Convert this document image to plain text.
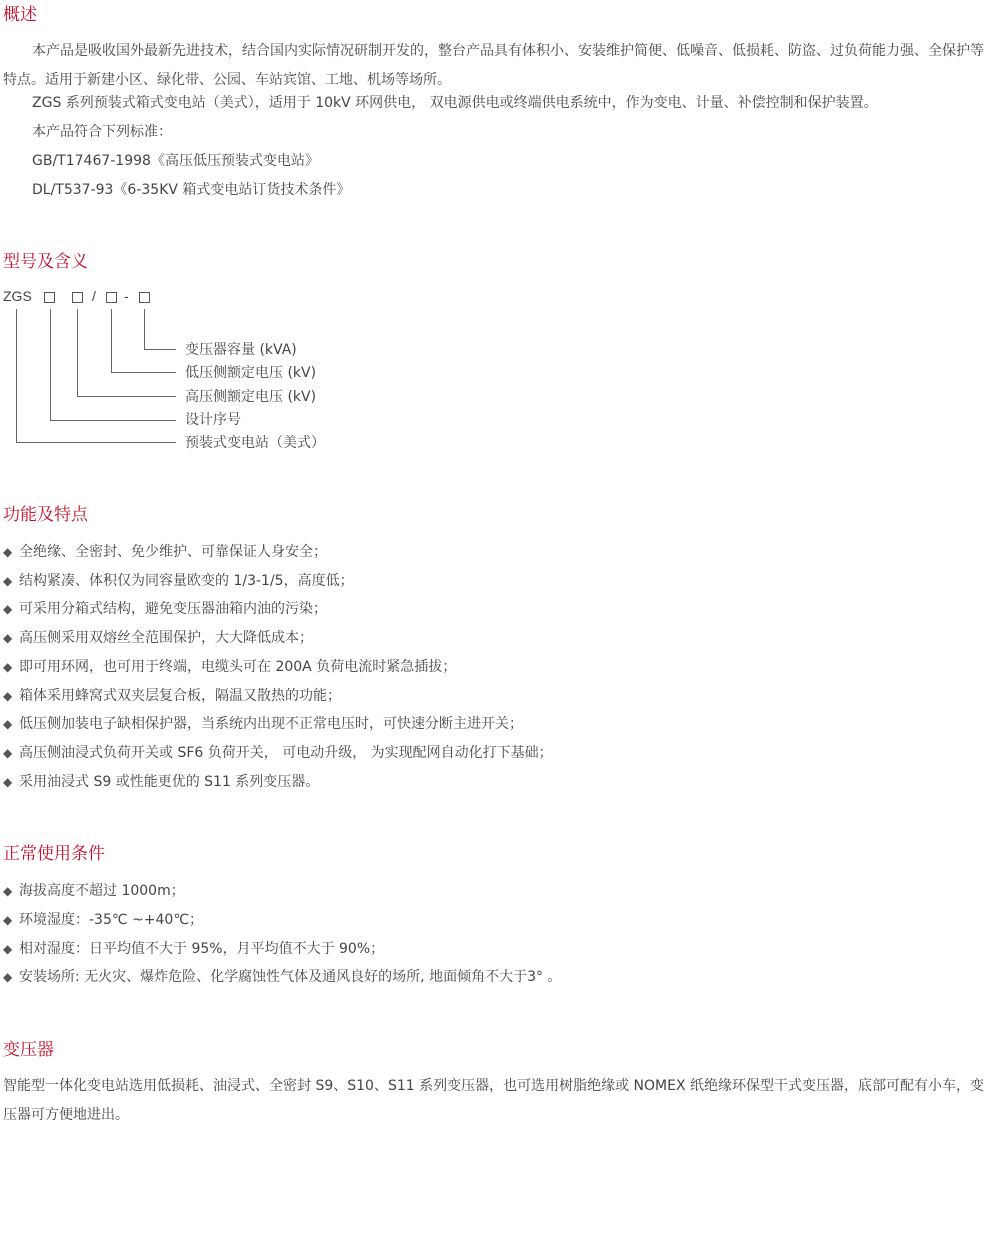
概述

本产品是吸收国外最新先进技术，结合国内实际情况研制开发的，整台产品具有体积小、安装维护简便、低噪音、低损耗、防盗、过负荷能力强、全保护等特点。适用于新建小区、绿化带、公园、车站宾馆、工地、机场等场所。

ZGS 系列预装式箱式变电站（美式），适用于 10kV 环网供电， 双电源供电或终端供电系统中，作为变电、计量、补偿控制和保护装置。

本产品符合下列标准：

GB/T17467-1998《高压低压预装式变电站》

DL/T537-93《6-35KV 箱式变电站订货技术条件》

型号及含义
ZGS	/ -
变压器容量 (kVA)
低压侧额定电压 (kV)
高压侧额定电压 (kV)
设计序号
预装式变电站（美式）
功能及特点

◆ 全绝缘、全密封、免少维护、可靠保证人身安全；

◆ 结构紧凑、体积仅为同容量欧变的 1/3-1/5，高度低；

◆ 可采用分箱式结构，避免变压器油箱内油的污染；

◆ 高压侧采用双熔丝全范围保护，大大降低成本；

◆ 即可用环网，也可用于终端，电缆头可在 200A 负荷电流时紧急插拔；

◆ 箱体采用蜂窝式双夹层复合板，隔温又散热的功能；

◆ 低压侧加装电子缺相保护器，当系统内出现不正常电压时，可快速分断主进开关；

◆ 高压侧油浸式负荷开关或 SF6 负荷开关， 可电动升级， 为实现配网自动化打下基础；

◆ 采用油浸式 S9 或性能更优的 S11 系列变压器。

正常使用条件

◆ 海拔高度不超过 1000m；

◆ 环境湿度：-35℃ ~+40℃；

◆ 相对湿度：日平均值不大于 95%，月平均值不大于 90%；

◆ 安装场所: 无火灾、爆炸危险、化学腐蚀性气体及通风良好的场所, 地面倾角不大于3° 。

变压器

智能型一体化变电站选用低损耗、油浸式、全密封 S9、S10、S11 系列变压器，也可选用树脂绝缘或 NOMEX 纸绝缘环保型干式变压器，底部可配有小车，变压器可方便地进出。
